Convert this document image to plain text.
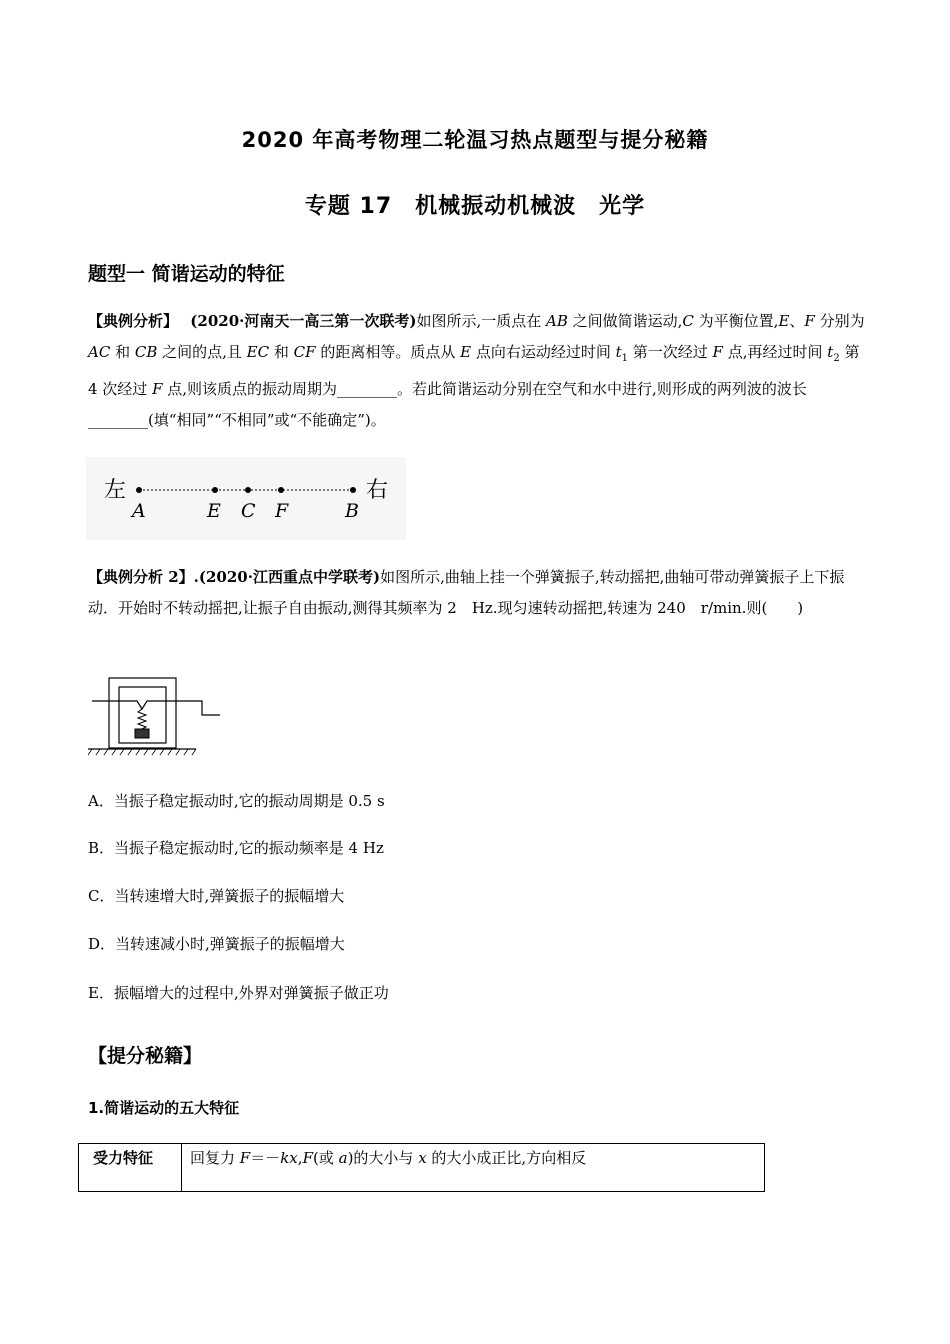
2020 年高考物理二轮温习热点题型与提分秘籍
专题 17　机械振动机械波　光学
题型一 简谐运动的特征
【典例分析】　 (2020·河南天一高三第一次联考)如图所示,一质点在 AB 之间做简谐运动,C 为平衡位置,E、F 分别为 AC 和 CB 之间的点,且 EC 和 CF 的距离相等。质点从 E 点向右运动经过时间 $t_1$ 第一次经过 F 点,再经过时间 $t_2$ 第 4 次经过 F 点,则该质点的振动周期为________。若此简谐运动分别在空气和水中进行,则形成的两列波的波长________(填“相同”“不相同”或“不能确定”)。
左	右
A	E C F	B
【典例分析 2】.(2020·江西重点中学联考)如图所示,曲轴上挂一个弹簧振子,转动摇把,曲轴可带动弹簧振子上下振动．开始时不转动摇把,让振子自由振动,测得其频率为 2　Hz.现匀速转动摇把,转速为 240　r/min.则(　　)
A．当振子稳定振动时,它的振动周期是 0.5 s
B．当振子稳定振动时,它的振动频率是 4 Hz
C．当转速增大时,弹簧振子的振幅增大
D．当转速减小时,弹簧振子的振幅增大
E．振幅增大的过程中,外界对弹簧振子做正功
【提分秘籍】
1.简谐运动的五大特征
受力特征	回复力 F＝－kx,F(或 a)的大小与 x 的大小成正比,方向相反
